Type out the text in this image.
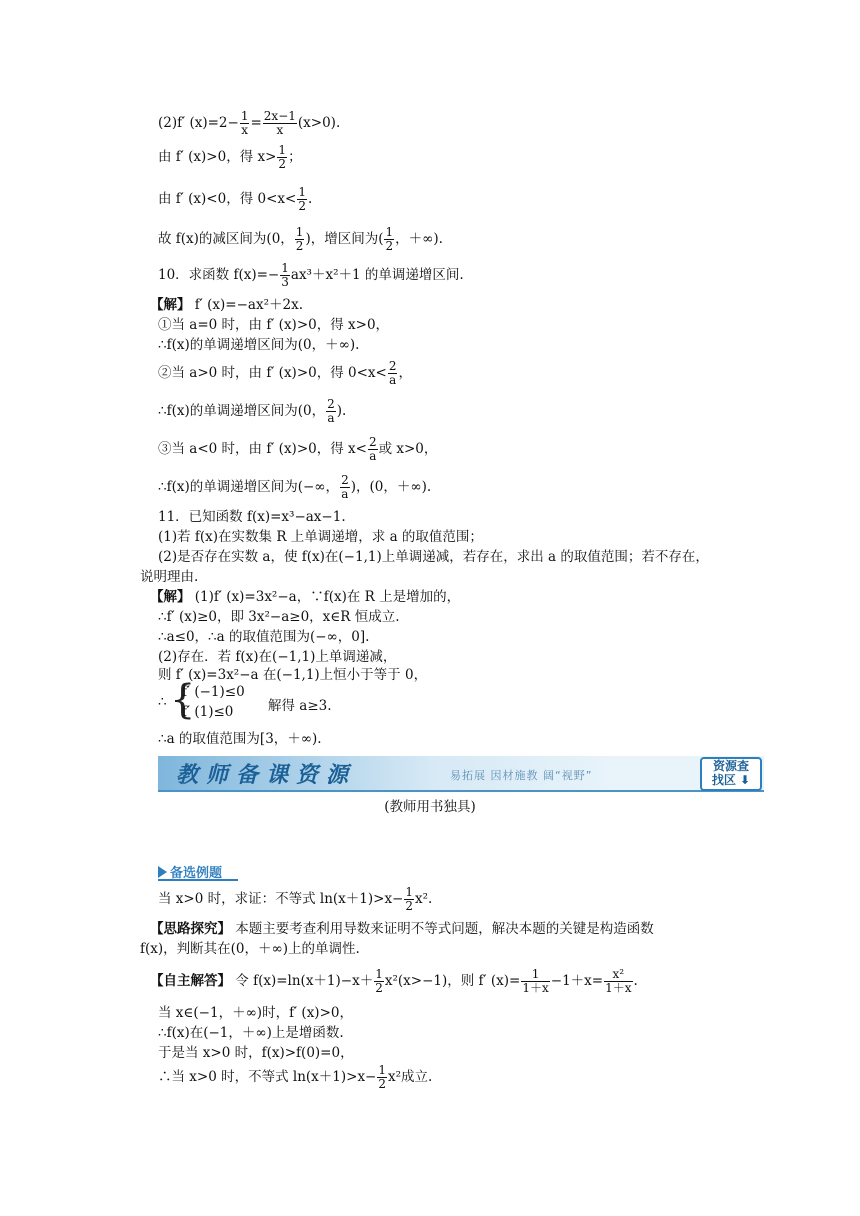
(2)f′ $(x)=2- \frac{1}{x} = \frac{2x-1}{x} (x>0)$.
由 f′ (x)>0，得 $x> \frac{1}{2}$ ；
由 f′ (x)<0，得 $0<x< \frac{1}{2}$ .
故 f(x)的减区间为(0， $\frac{1}{2}$ )，增区间为( $\frac{1}{2}$ ，＋∞).
10．求函数 $f(x)=- \frac{1}{3} ax^3+x^2+1$ 的单调递增区间.
【解】 f′ (x)=−ax²＋2x.
①当 a=0 时，由 f′ (x)>0，得 x>0，
∴f(x)的单调递增区间为(0，＋∞).
②当 a>0 时，由 f′ (x)>0，得 $0<x< \frac{2}{a}$ ，
∴f(x)的单调递增区间为(0， $\frac{2}{a}$ ).
③当 a<0 时，由 f′ (x)>0，得 $x< \frac{2}{a}$ 或 x>0，
∴f(x)的单调递增区间为(−∞， $\frac{2}{a}$ )，(0，＋∞).
11．已知函数 f(x)=x³−ax−1.
(1)若 f(x)在实数集 R 上单调递增，求 a 的取值范围；
(2)是否存在实数 a，使 f(x)在(−1,1)上单调递减，若存在，求出 a 的取值范围；若不存在，
说明理由.
【解】 (1)f′ (x)=3x²−a，∵f(x)在 R 上是增加的，
∴f′ (x)≥0，即 3x²−a≥0，x∈R 恒成立.
∴a≤0，∴a 的取值范围为(−∞，0].
(2)存在．若 f(x)在(−1,1)上单调递减，
则 f′ (x)=3x²−a 在(−1,1)上恒小于等于 0，
∴ {
f′ (−1)≤0
f′ (1)≤0	解得 a≥3.
∴a 的取值范围为[3，＋∞).
教师备课资源	易拓展 因材施教 阔“视野”
资源查
找区 ⬇
(教师用书独具)
备选例题
当 x>0 时，求证：不等式 $\ln(x+1)>x- \frac{1}{2} x^2$.
【思路探究】 本题主要考查利用导数来证明不等式问题，解决本题的关键是构造函数
f(x)，判断其在(0，＋∞)上的单调性.
【自主解答】 令 $f(x)=\ln(x+1)-x+ \frac{1}{2} x^2(x>-1)$，则 f′ $(x)= \frac{1}{1+x} -1+x= \frac{\text{x²}}{1+x}$ .
当 x∈(−1，＋∞)时，f′ (x)>0，
∴f(x)在(−1，＋∞)上是增函数.
于是当 x>0 时，f(x)>f(0)=0，
∴当 x>0 时，不等式 $\ln(x+1)>x- \frac{1}{2} x^2$成立.
